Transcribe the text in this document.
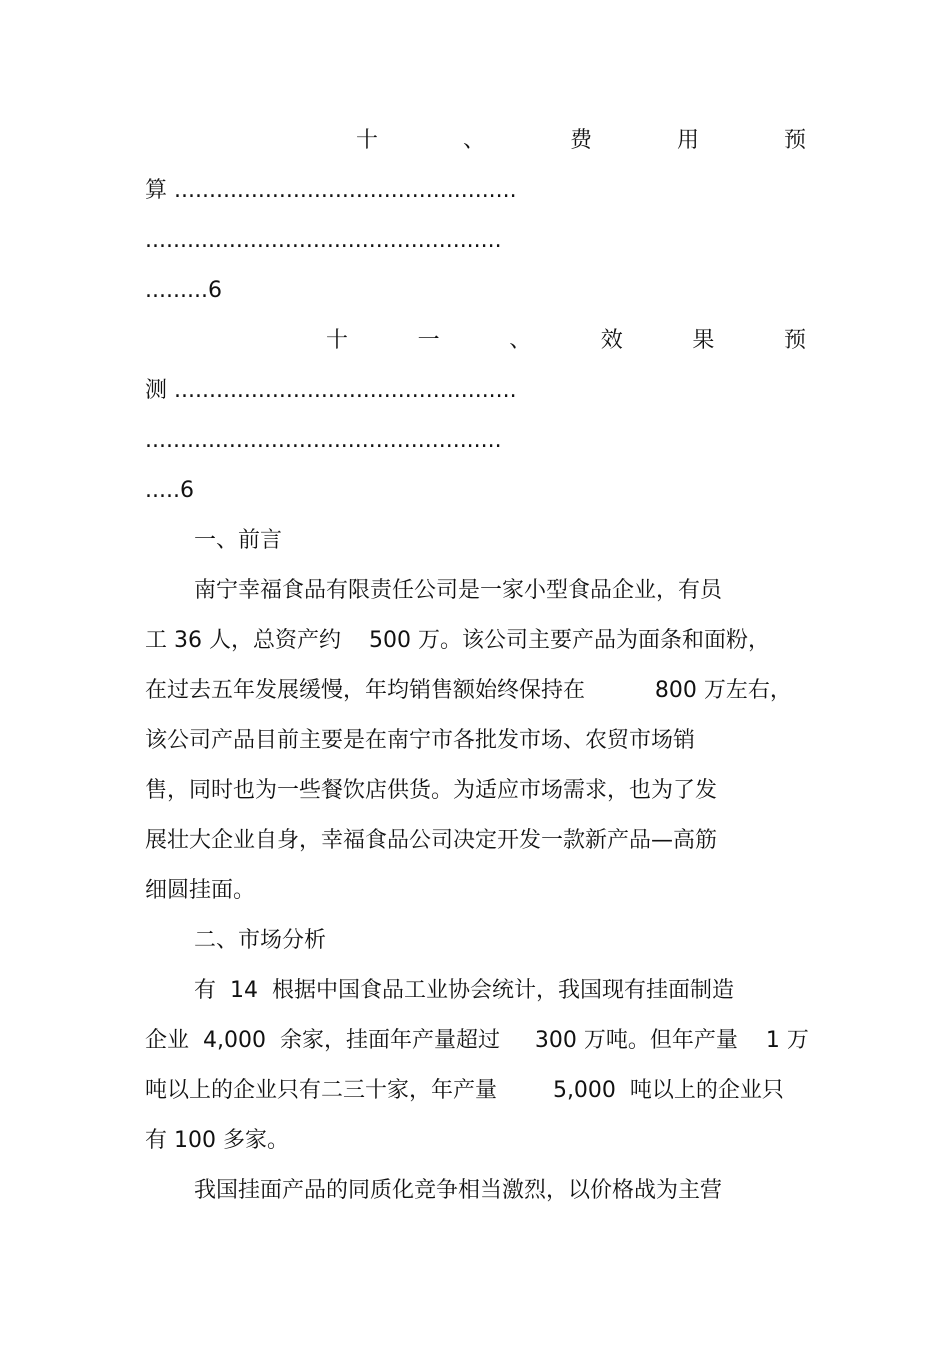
十	、	费	用	预
算 .................................................
...................................................
.........6
十	一	、	效	果	预
测 .................................................
...................................................
.....6
一、前言
南宁幸福食品有限责任公司是一家小型食品企业，有员
工 36 人，总资产约    500 万。该公司主要产品为面条和面粉，
在过去五年发展缓慢，年均销售额始终保持在          800 万左右，
该公司产品目前主要是在南宁市各批发市场、农贸市场销
售，同时也为一些餐饮店供货。为适应市场需求，也为了发
展壮大企业自身，幸福食品公司决定开发一款新产品—高筋
细圆挂面。
二、市场分析
有  14  根据中国食品工业协会统计，我国现有挂面制造
企业  4,000  余家，挂面年产量超过     300 万吨。但年产量    1 万
吨以上的企业只有二三十家，年产量        5,000  吨以上的企业只
有 100 多家。
我国挂面产品的同质化竞争相当激烈，以价格战为主营
